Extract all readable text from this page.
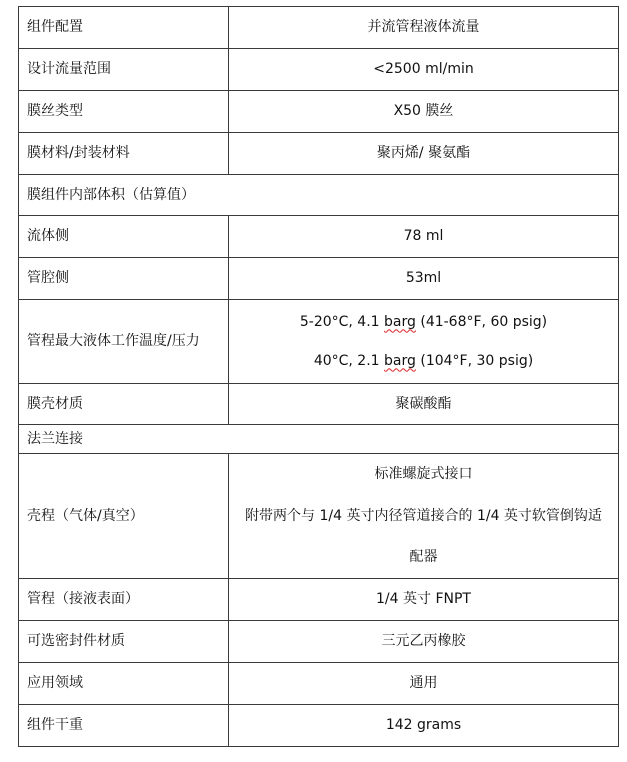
组件配置	并流管程液体流量
设计流量范围	<2500 ml/min
膜丝类型	X50 膜丝
膜材料/封装材料	聚丙烯/ 聚氨酯
膜组件内部体积（估算值）	
流体侧	78 ml
管腔侧	53ml
管程最大液体工作温度/压力	5-20°C, 4.1 barg (41-68°F, 60 psig)
40°C, 2.1 barg (104°F, 30 psig)

膜壳材质	聚碳酸酯
法兰连接	
壳程（气体/真空）	标准螺旋式接口
附带两个与 1/4 英寸内径管道接合的 1/4 英寸软管倒钩适
配器

管程（接液表面）	1/4 英寸 FNPT
可选密封件材质	三元乙丙橡胶
应用领域	通用
组件干重	142 grams
